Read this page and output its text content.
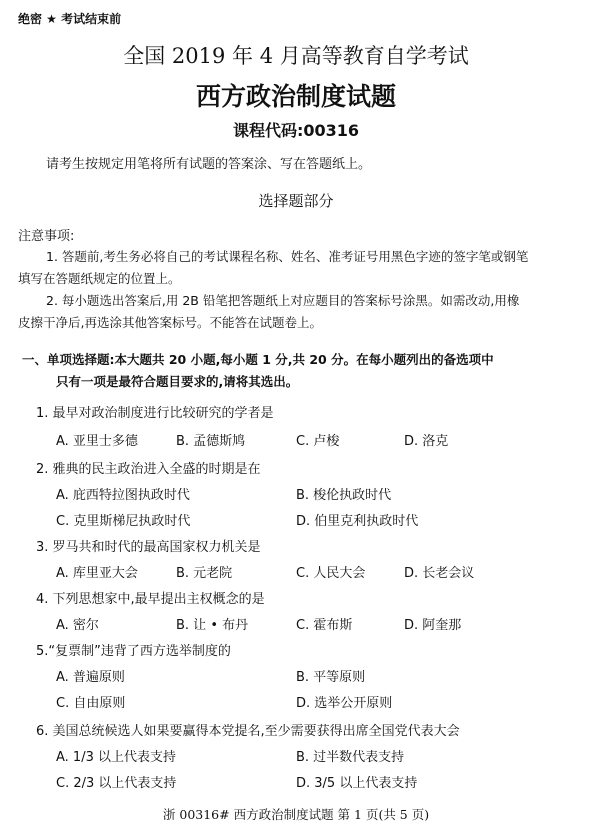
绝密 ★ 考试结束前
全国 2019 年 4 月高等教育自学考试
西方政治制度试题
课程代码:00316
请考生按规定用笔将所有试题的答案涂、写在答题纸上。
选择题部分
注意事项:
1. 答题前,考生务必将自己的考试课程名称、姓名、准考证号用黑色字迹的签字笔或钢笔
填写在答题纸规定的位置上。
2. 每小题选出答案后,用 2B 铅笔把答题纸上对应题目的答案标号涂黑。如需改动,用橡
皮擦干净后,再选涂其他答案标号。不能答在试题卷上。
一、单项选择题:本大题共 20 小题,每小题 1 分,共 20 分。在每小题列出的备选项中
只有一项是最符合题目要求的,请将其选出。
1. 最早对政治制度进行比较研究的学者是
A. 亚里士多德	B. 孟德斯鸠	C. 卢梭	D. 洛克
2. 雅典的民主政治进入全盛的时期是在
A. 庇西特拉图执政时代	B. 梭伦执政时代
C. 克里斯梯尼执政时代	D. 伯里克利执政时代
3. 罗马共和时代的最高国家权力机关是
A. 库里亚大会	B. 元老院	C. 人民大会	D. 长老会议
4. 下列思想家中,最早提出主权概念的是
A. 密尔	B. 让 • 布丹	C. 霍布斯	D. 阿奎那
5.“复票制”违背了西方选举制度的
A. 普遍原则	B. 平等原则
C. 自由原则	D. 选举公开原则
6. 美国总统候选人如果要赢得本党提名,至少需要获得出席全国党代表大会
A. 1/3 以上代表支持	B. 过半数代表支持
C. 2/3 以上代表支持	D. 3/5 以上代表支持
浙 00316# 西方政治制度试题 第 1 页(共 5 页)
